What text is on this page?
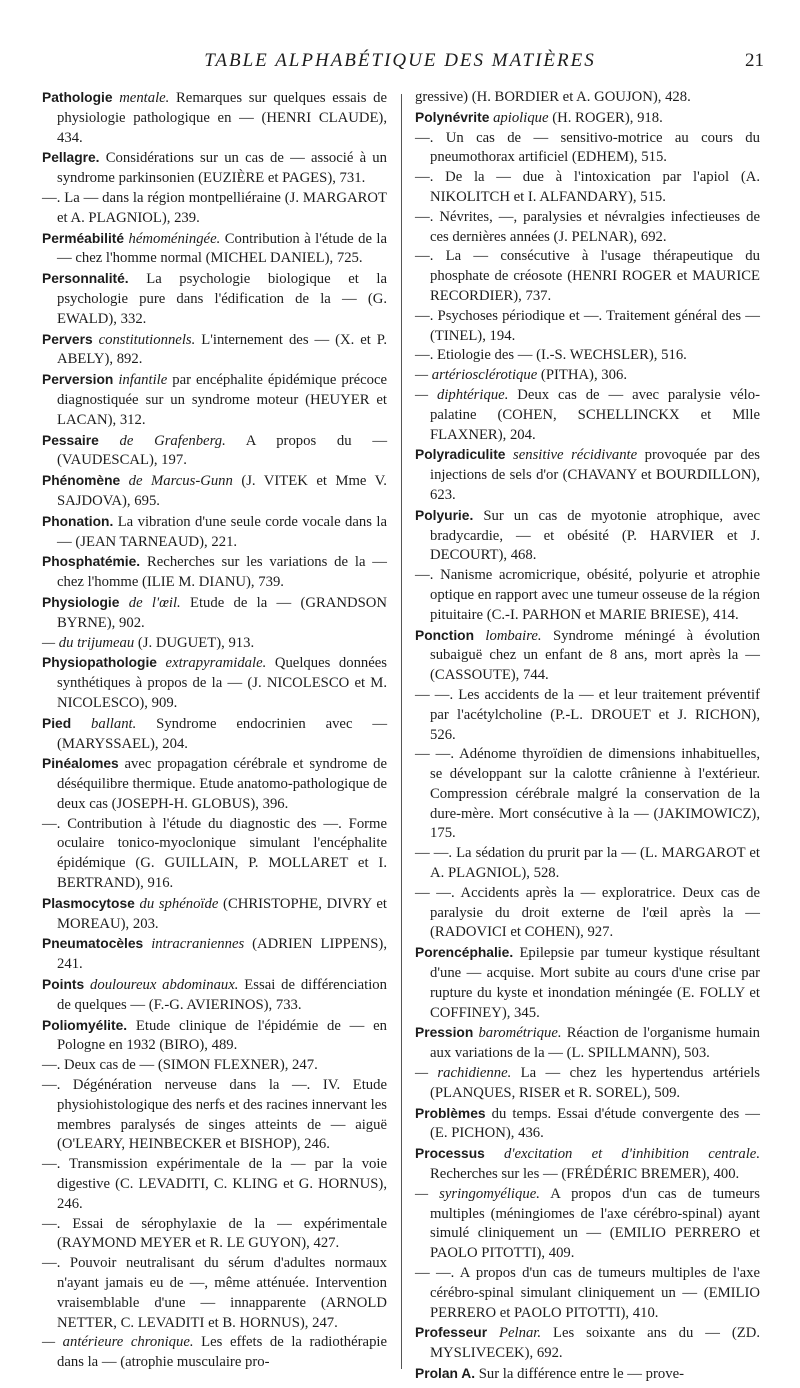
TABLE ALPHABÉTIQUE DES MATIÈRES	21

Pathologie mentale. Remarques sur quelques essais de physiologie pathologique en — (HENRI CLAUDE), 434.

Pellagre. Considérations sur un cas de — associé à un syndrome parkinsonien (EUZIÈRE et PAGES), 731.

—. La — dans la région montpelliéraine (J. MARGAROT et A. PLAGNIOL), 239.

Perméabilité hémoméningée. Contribution à l'étude de la — chez l'homme normal (MICHEL DANIEL), 725.

Personnalité. La psychologie biologique et la psychologie pure dans l'édification de la — (G. EWALD), 332.

Pervers constitutionnels. L'internement des — (X. et P. ABELY), 892.

Perversion infantile par encéphalite épidémique précoce diagnostiquée sur un syndrome moteur (HEUYER et LACAN), 312.

Pessaire de Grafenberg. A propos du — (VAUDESCAL), 197.

Phénomène de Marcus-Gunn (J. VITEK et Mme V. SAJDOVA), 695.

Phonation. La vibration d'une seule corde vocale dans la — (JEAN TARNEAUD), 221.

Phosphatémie. Recherches sur les variations de la — chez l'homme (ILIE M. DIANU), 739.

Physiologie de l'œil. Etude de la — (GRANDSON BYRNE), 902.

— du trijumeau (J. DUGUET), 913.

Physiopathologie extrapyramidale. Quelques données synthétiques à propos de la — (J. NICOLESCO et M. NICOLESCO), 909.

Pied ballant. Syndrome endocrinien avec — (MARYSSAEL), 204.

Pinéalomes avec propagation cérébrale et syndrome de déséquilibre thermique. Etude anatomo-pathologique de deux cas (JOSEPH-H. GLOBUS), 396.

—. Contribution à l'étude du diagnostic des —. Forme oculaire tonico-myoclonique simulant l'encéphalite épidémique (G. GUILLAIN, P. MOLLARET et I. BERTRAND), 916.

Plasmocytose du sphénoïde (CHRISTOPHE, DIVRY et MOREAU), 203.

Pneumatocèles intracraniennes (ADRIEN LIPPENS), 241.

Points douloureux abdominaux. Essai de différenciation de quelques — (F.-G. AVIERINOS), 733.

Poliomyélite. Etude clinique de l'épidémie de — en Pologne en 1932 (BIRO), 489.

—. Deux cas de — (SIMON FLEXNER), 247.

—. Dégénération nerveuse dans la —. IV. Etude physiohistologique des nerfs et des racines innervant les membres paralysés de singes atteints de — aiguë (O'LEARY, HEINBECKER et BISHOP), 246.

—. Transmission expérimentale de la — par la voie digestive (C. LEVADITI, C. KLING et G. HORNUS), 246.

—. Essai de sérophylaxie de la — expérimentale (RAYMOND MEYER et R. LE GUYON), 427.

—. Pouvoir neutralisant du sérum d'adultes normaux n'ayant jamais eu de —, même atténuée. Intervention vraisemblable d'une — innapparente (ARNOLD NETTER, C. LEVADITI et B. HORNUS), 247.

— antérieure chronique. Les effets de la radiothérapie dans la — (atrophie musculaire pro-

gressive) (H. BORDIER et A. GOUJON), 428.

Polynévrite apiolique (H. ROGER), 918.

—. Un cas de — sensitivo-motrice au cours du pneumothorax artificiel (EDHEM), 515.

—. De la — due à l'intoxication par l'apiol (A. NIKOLITCH et I. ALFANDARY), 515.

—. Névrites, —, paralysies et névralgies infectieuses de ces dernières années (J. PELNAR), 692.

—. La — consécutive à l'usage thérapeutique du phosphate de créosote (HENRI ROGER et MAURICE RECORDIER), 737.

—. Psychoses périodique et —. Traitement général des — (TINEL), 194.

—. Etiologie des — (I.-S. WECHSLER), 516.

— artériosclérotique (PITHA), 306.

— diphtérique. Deux cas de — avec paralysie vélo-palatine (COHEN, SCHELLINCKX et Mlle FLAXNER), 204.

Polyradiculite sensitive récidivante provoquée par des injections de sels d'or (CHAVANY et BOURDILLON), 623.

Polyurie. Sur un cas de myotonie atrophique, avec bradycardie, — et obésité (P. HARVIER et J. DECOURT), 468.

—. Nanisme acromicrique, obésité, polyurie et atrophie optique en rapport avec une tumeur osseuse de la région pituitaire (C.-I. PARHON et MARIE BRIESE), 414.

Ponction lombaire. Syndrome méningé à évolution subaiguë chez un enfant de 8 ans, mort après la — (CASSOUTE), 744.

— —. Les accidents de la — et leur traitement préventif par l'acétylcholine (P.-L. DROUET et J. RICHON), 526.

— —. Adénome thyroïdien de dimensions inhabituelles, se développant sur la calotte crânienne à l'extérieur. Compression cérébrale malgré la conservation de la dure-mère. Mort consécutive à la — (JAKIMOWICZ), 175.

— —. La sédation du prurit par la — (L. MARGAROT et A. PLAGNIOL), 528.

— —. Accidents après la — exploratrice. Deux cas de paralysie du droit externe de l'œil après la — (RADOVICI et COHEN), 927.

Porencéphalie. Epilepsie par tumeur kystique résultant d'une — acquise. Mort subite au cours d'une crise par rupture du kyste et inondation méningée (E. FOLLY et COFFINEY), 345.

Pression barométrique. Réaction de l'organisme humain aux variations de la — (L. SPILLMANN), 503.

— rachidienne. La — chez les hypertendus artériels (PLANQUES, RISER et R. SOREL), 509.

Problèmes du temps. Essai d'étude convergente des — (E. PICHON), 436.

Processus d'excitation et d'inhibition centrale. Recherches sur les — (FRÉDÉRIC BREMER), 400.

— syringomyélique. A propos d'un cas de tumeurs multiples (méningiomes de l'axe cérébro-spinal) ayant simulé cliniquement un — (EMILIO PERRERO et PAOLO PITOTTI), 409.

— —. A propos d'un cas de tumeurs multiples de l'axe cérébro-spinal simulant cliniquement un — (EMILIO PERRERO et PAOLO PITOTTI), 410.

Professeur Pelnar. Les soixante ans du — (ZD. MYSLIVECEK), 692.

Prolan A. Sur la différence entre le — prove-
